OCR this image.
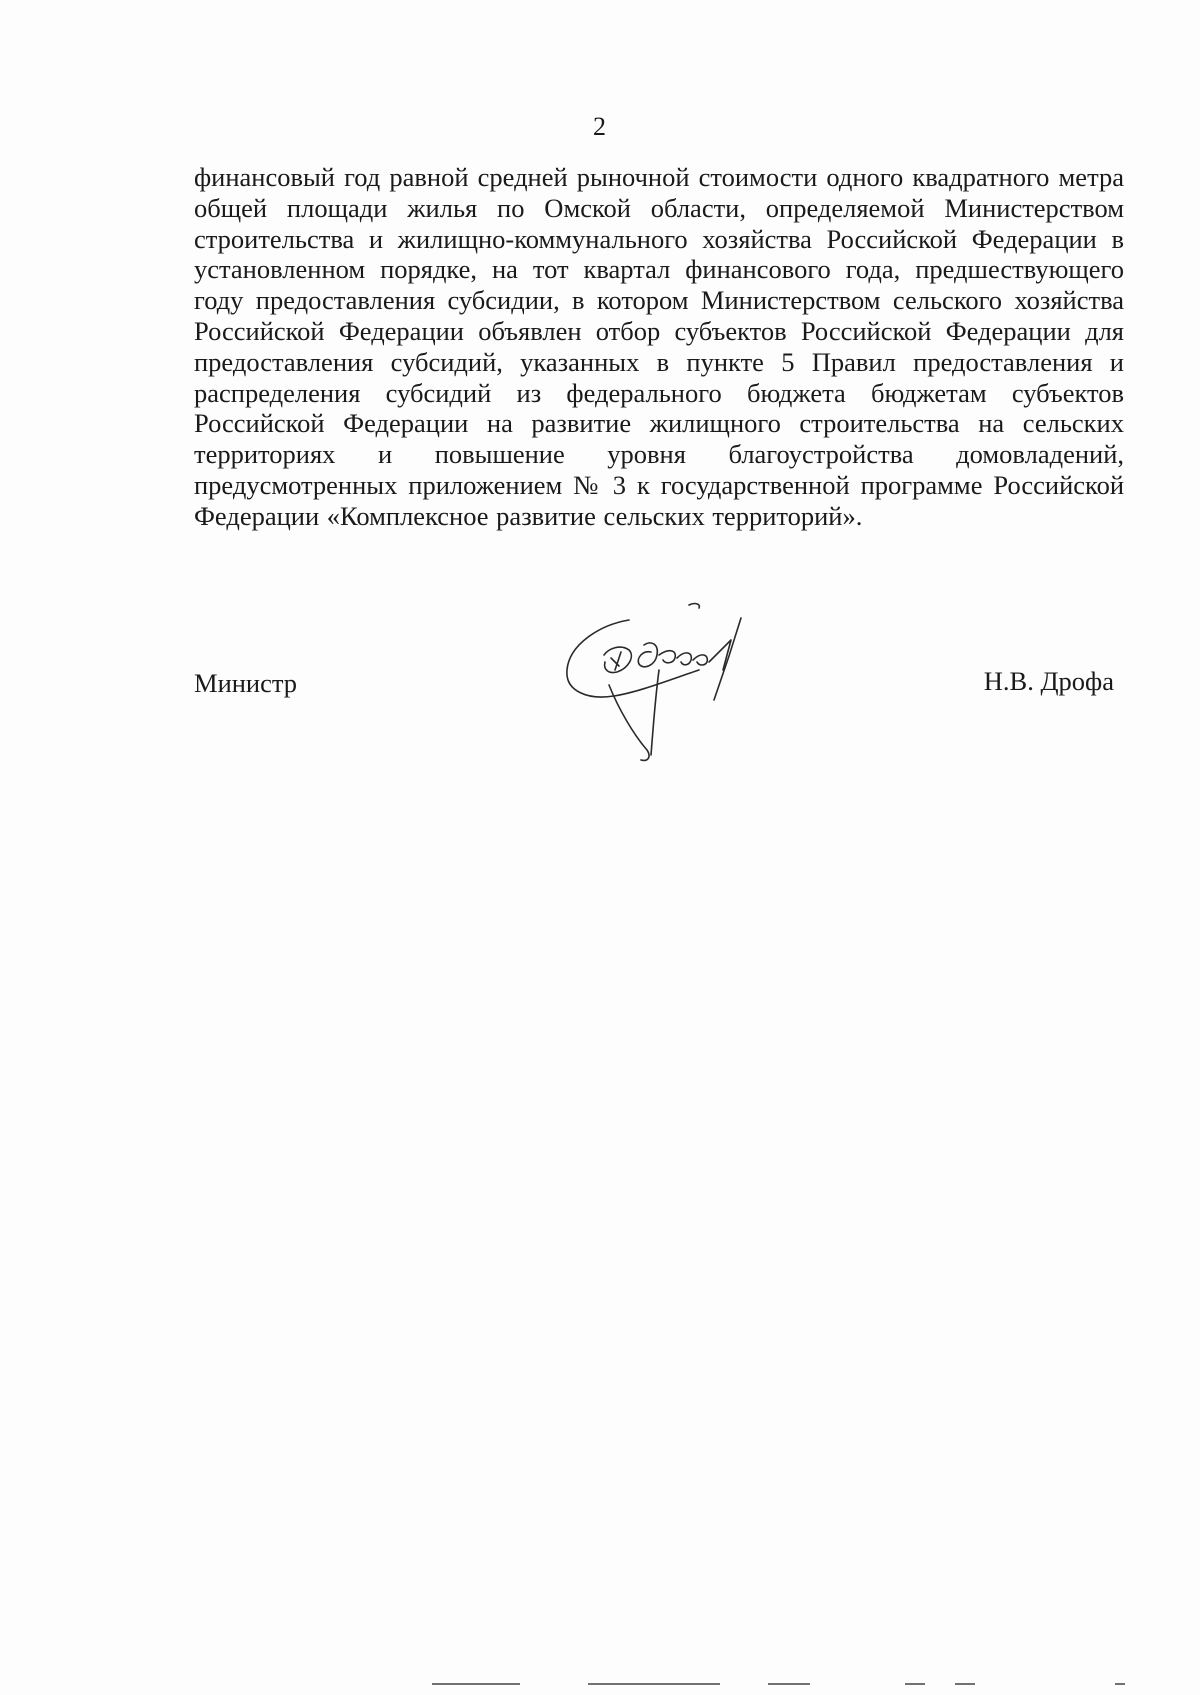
2

финансовый год равной средней рыночной стоимости одного квадратного метра общей площади жилья по Омской области, определяемой Министерством строительства и жилищно-коммунального хозяйства Российской Федерации в установленном порядке, на тот квартал финансового года, предшествующего году предоставления субсидии, в котором Министерством сельского хозяйства Российской Федерации объявлен отбор субъектов Российской Федерации для предоставления субсидий, указанных в пункте 5 Правил предоставления и распределения субсидий из федерального бюджета бюджетам субъектов Российской Федерации на развитие жилищного строительства на сельских территориях и повышение уровня благоустройства домовладений, предусмотренных приложением № 3 к государственной программе Российской Федерации «Комплексное развитие сельских территорий».

Министр	Н.В. Дрофа
